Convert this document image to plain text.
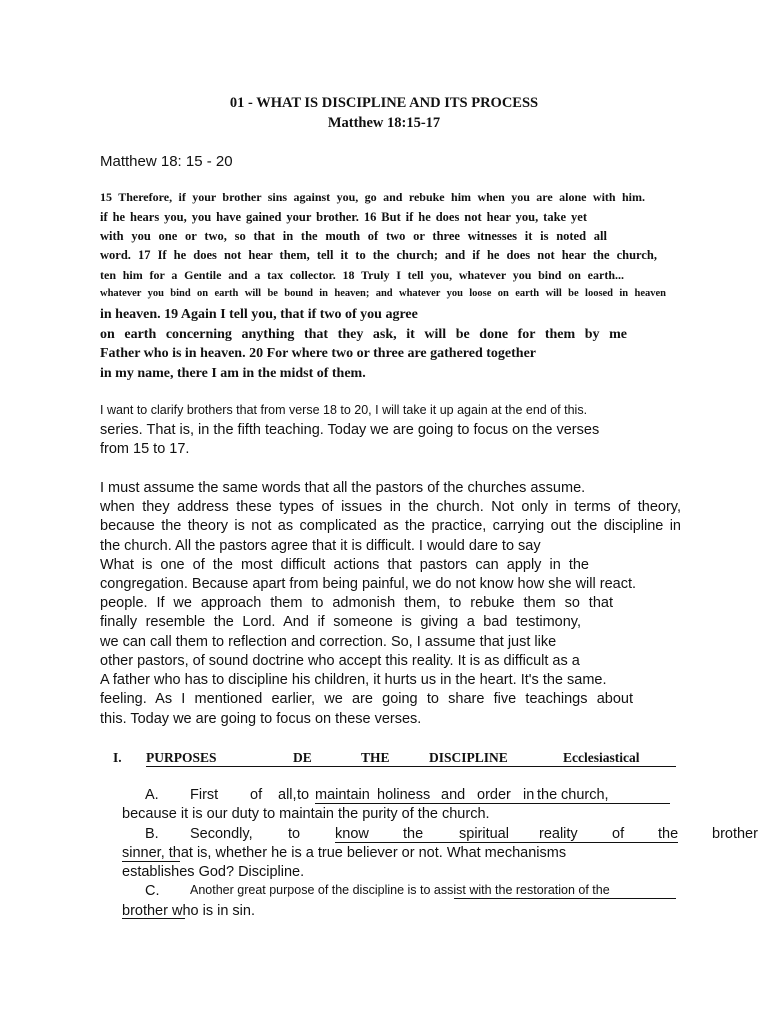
01 - WHAT IS DISCIPLINE AND ITS PROCESS
Matthew 18:15-17
Matthew 18: 15 - 20
15 Therefore, if your brother sins against you, go and rebuke him when you are alone with him.
if he hears you, you have gained your brother. 16 But if he does not hear you, take yet
with you one or two, so that in the mouth of two or three witnesses it is noted all
word. 17 If he does not hear them, tell it to the church; and if he does not hear the church,
ten him for a Gentile and a tax collector. 18 Truly I tell you, whatever you bind on earth...
whatever you bind on earth will be bound in heaven; and whatever you loose on earth will be loosed in heaven
in heaven. 19 Again I tell you, that if two of you agree
on earth concerning anything that they ask, it will be done for them by me
Father who is in heaven. 20 For where two or three are gathered together
in my name, there I am in the midst of them.
I want to clarify brothers that from verse 18 to 20, I will take it up again at the end of this.
series. That is, in the fifth teaching. Today we are going to focus on the verses
from 15 to 17.
I must assume the same words that all the pastors of the churches assume.
when they address these types of issues in the church. Not only in terms of theory,
because the theory is not as complicated as the practice, carrying out the discipline in
the church. All the pastors agree that it is difficult. I would dare to say
What is one of the most difficult actions that pastors can apply in the
congregation. Because apart from being painful, we do not know how she will react.
people. If we approach them to admonish them, to rebuke them so that
finally resemble the Lord. And if someone is giving a bad testimony,
we can call them to reflection and correction. So, I assume that just like
other pastors, of sound doctrine who accept this reality. It is as difficult as a
A father who has to discipline his children, it hurts us in the heart. It's the same.
feeling. As I mentioned earlier, we are going to share five teachings about
this. Today we are going to focus on these verses.
I. PURPOSES	DE	THE	DISCIPLINE	Ecclesiastical
A. First of all, to maintain holiness and order in the church,
because it is our duty to maintain the purity of the church.
B. Secondly, to know the spiritual reality of the brother
sinner, that is, whether he is a true believer or not. What mechanisms
establishes God? Discipline.
C. Another great purpose of the discipline is to assist with the restoration of the
brother who is in sin.
